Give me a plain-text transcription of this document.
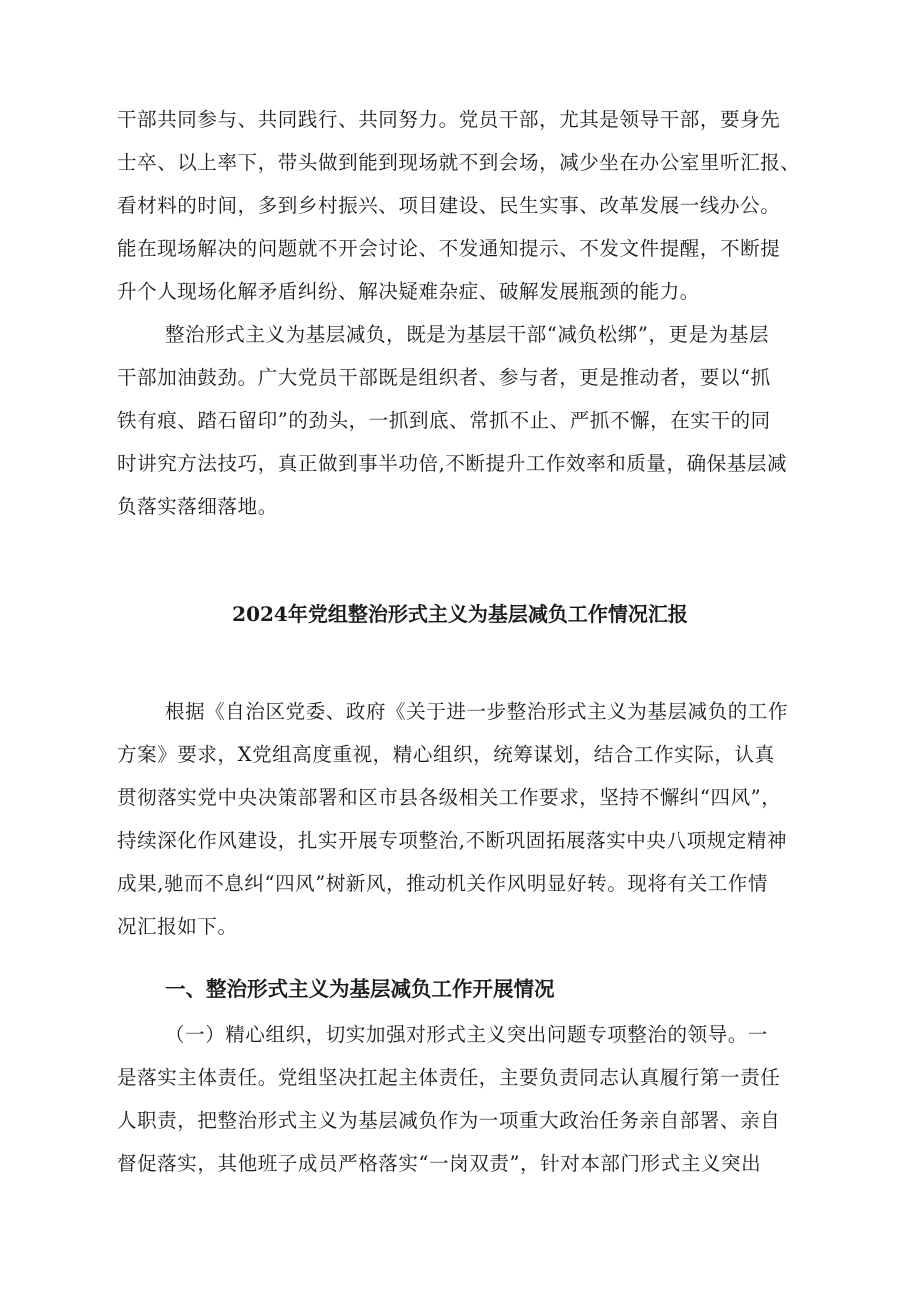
干部共同参与、共同践行、共同努力。党员干部，尤其是领导干部，要身先
士卒、以上率下，带头做到能到现场就不到会场，减少坐在办公室里听汇报、
看材料的时间，多到乡村振兴、项目建设、民生实事、改革发展一线办公。
能在现场解决的问题就不开会讨论、不发通知提示、不发文件提醒，不断提
升个人现场化解矛盾纠纷、解决疑难杂症、破解发展瓶颈的能力。
整治形式主义为基层减负，既是为基层干部“减负松绑”，更是为基层
干部加油鼓劲。广大党员干部既是组织者、参与者，更是推动者，要以“抓
铁有痕、踏石留印”的劲头，一抓到底、常抓不止、严抓不懈，在实干的同
时讲究方法技巧，真正做到事半功倍,不断提升工作效率和质量，确保基层减
负落实落细落地。
2024年党组整治形式主义为基层减负工作情况汇报
根据《自治区党委、政府《关于进一步整治形式主义为基层减负的工作
方案》要求，X党组高度重视，精心组织，统筹谋划，结合工作实际，认真
贯彻落实党中央决策部署和区市县各级相关工作要求，坚持不懈纠“四风”，
持续深化作风建设，扎实开展专项整治,不断巩固拓展落实中央八项规定精神
成果,驰而不息纠“四风”树新风，推动机关作风明显好转。现将有关工作情
况汇报如下。
一、整治形式主义为基层减负工作开展情况
（一）精心组织，切实加强对形式主义突出问题专项整治的领导。一
是落实主体责任。党组坚决扛起主体责任，主要负责同志认真履行第一责任
人职责，把整治形式主义为基层减负作为一项重大政治任务亲自部署、亲自
督促落实，其他班子成员严格落实“一岗双责”，针对本部门形式主义突出
